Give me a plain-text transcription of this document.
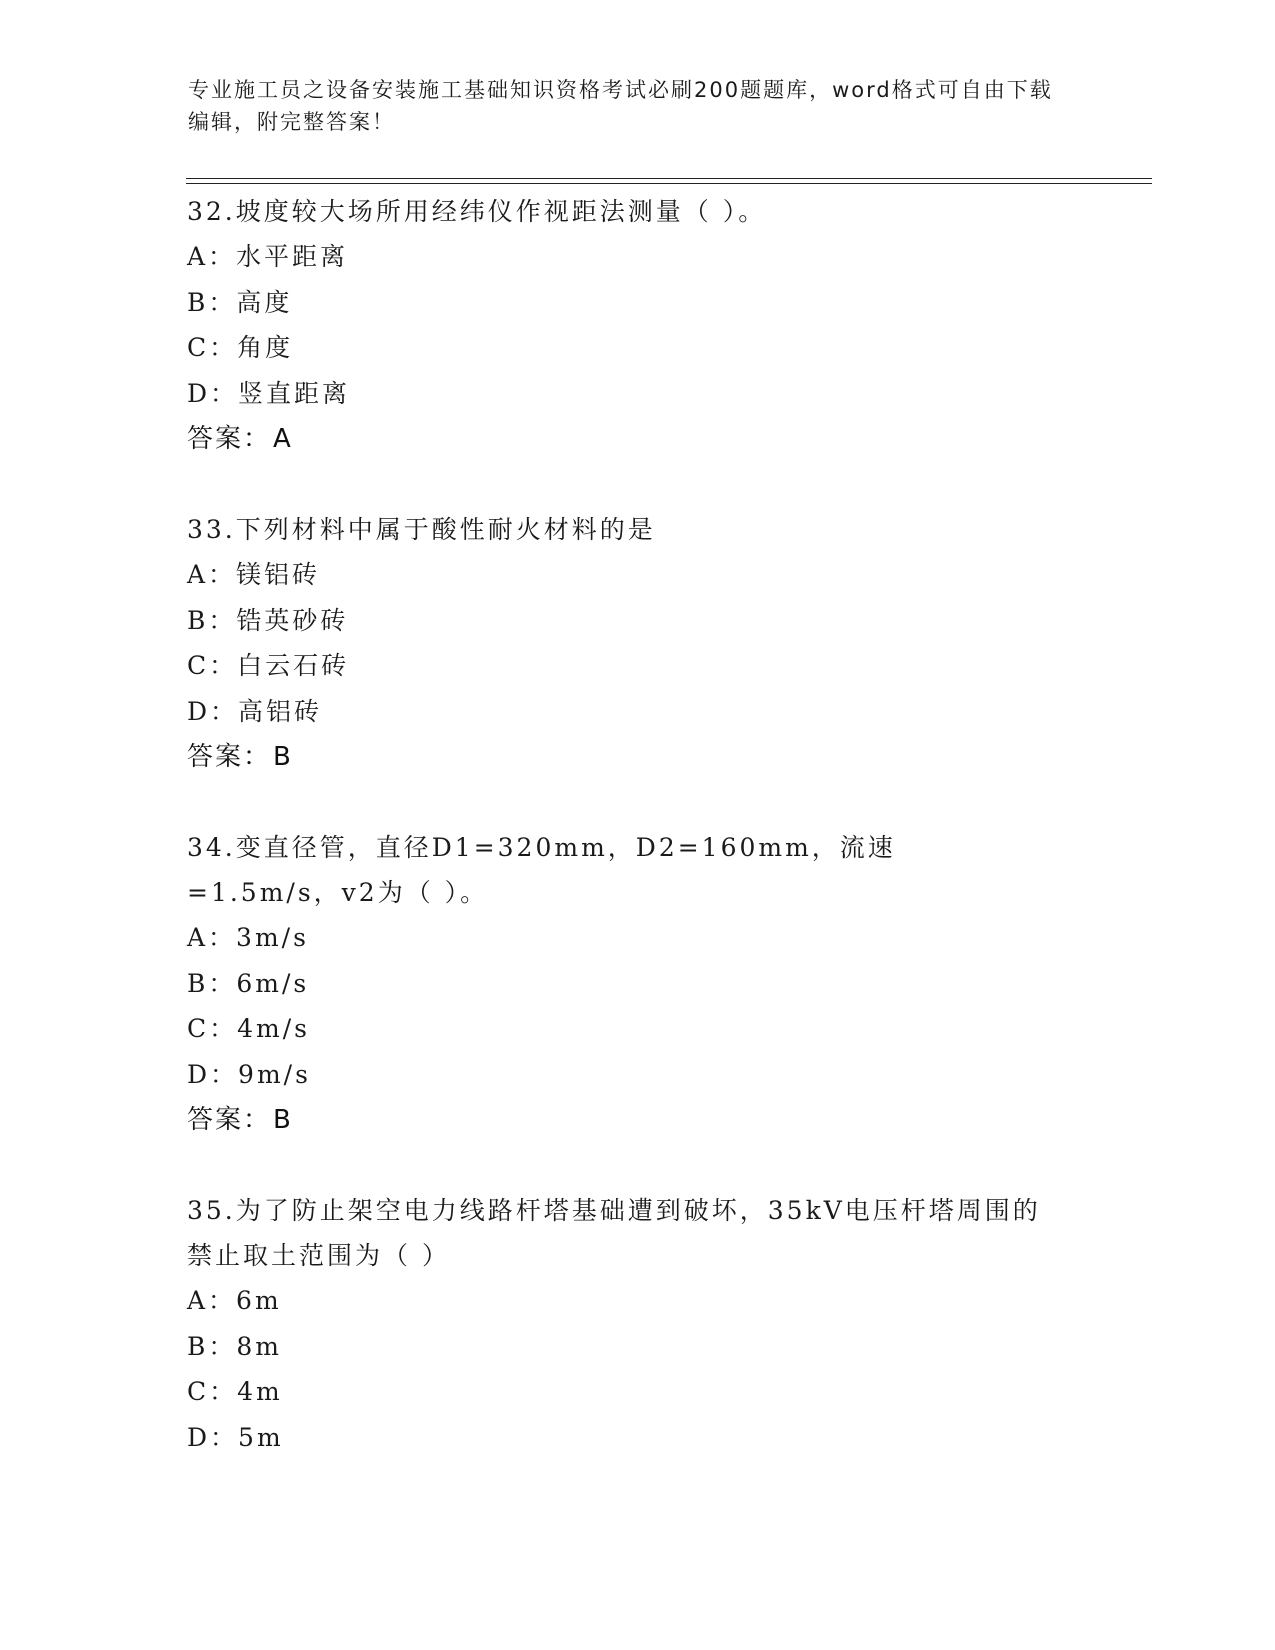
专业施工员之设备安装施工基础知识资格考试必刷200题题库，word格式可自由下载编辑，附完整答案！

32.坡度较大场所用经纬仪作视距法测量（ ）。

A：水平距离

B：高度

C：角度

D：竖直距离

答案：A

33.下列材料中属于酸性耐火材料的是

A：镁铝砖

B：锆英砂砖

C：白云石砖

D：高铝砖

答案：B

34.变直径管，直径D1=320mm，D2=160mm，流速=1.5m/s，v2为（ ）。

A：3m/s

B：6m/s

C：4m/s

D：9m/s

答案：B

35.为了防止架空电力线路杆塔基础遭到破坏，35kV电压杆塔周围的禁止取土范围为（ ）

A：6m

B：8m

C：4m

D：5m
